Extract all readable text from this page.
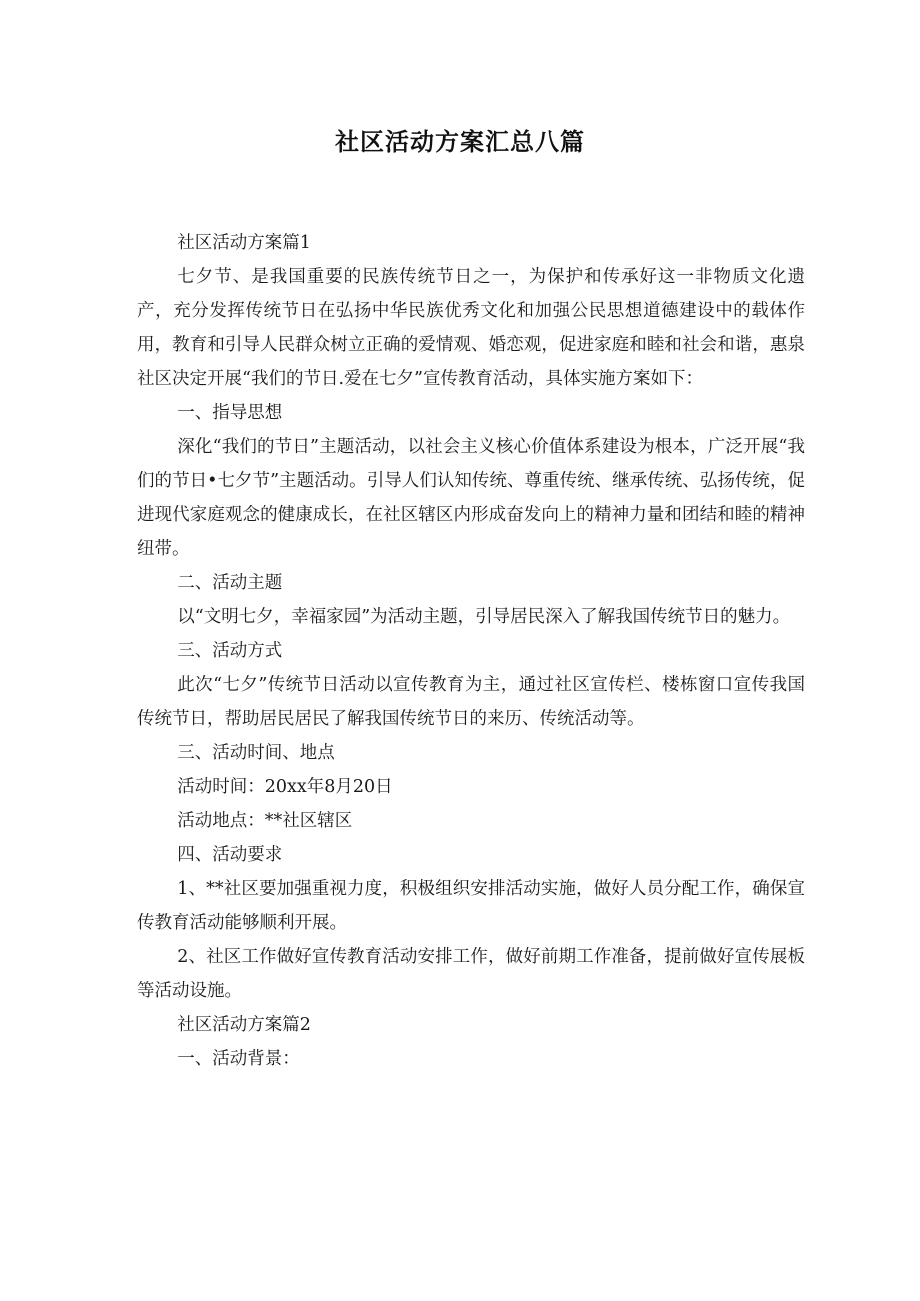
社区活动方案汇总八篇

社区活动方案篇1

七夕节、是我国重要的民族传统节日之一，为保护和传承好这一非物质文化遗产，充分发挥传统节日在弘扬中华民族优秀文化和加强公民思想道德建设中的载体作用，教育和引导人民群众树立正确的爱情观、婚恋观，促进家庭和睦和社会和谐，惠泉社区决定开展“我们的节日.爱在七夕”宣传教育活动，具体实施方案如下：

一、指导思想

深化“我们的节日”主题活动，以社会主义核心价值体系建设为根本，广泛开展“我们的节日•七夕节”主题活动。引导人们认知传统、尊重传统、继承传统、弘扬传统，促进现代家庭观念的健康成长，在社区辖区内形成奋发向上的精神力量和团结和睦的精神纽带。

二、活动主题

以“文明七夕，幸福家园”为活动主题，引导居民深入了解我国传统节日的魅力。

三、活动方式

此次“七夕”传统节日活动以宣传教育为主，通过社区宣传栏、楼栋窗口宣传我国传统节日，帮助居民居民了解我国传统节日的来历、传统活动等。

三、活动时间、地点

活动时间：20xx年8月20日

活动地点：**社区辖区

四、活动要求

1、**社区要加强重视力度，积极组织安排活动实施，做好人员分配工作，确保宣传教育活动能够顺利开展。

2、社区工作做好宣传教育活动安排工作，做好前期工作准备，提前做好宣传展板等活动设施。

社区活动方案篇2

一、活动背景：
